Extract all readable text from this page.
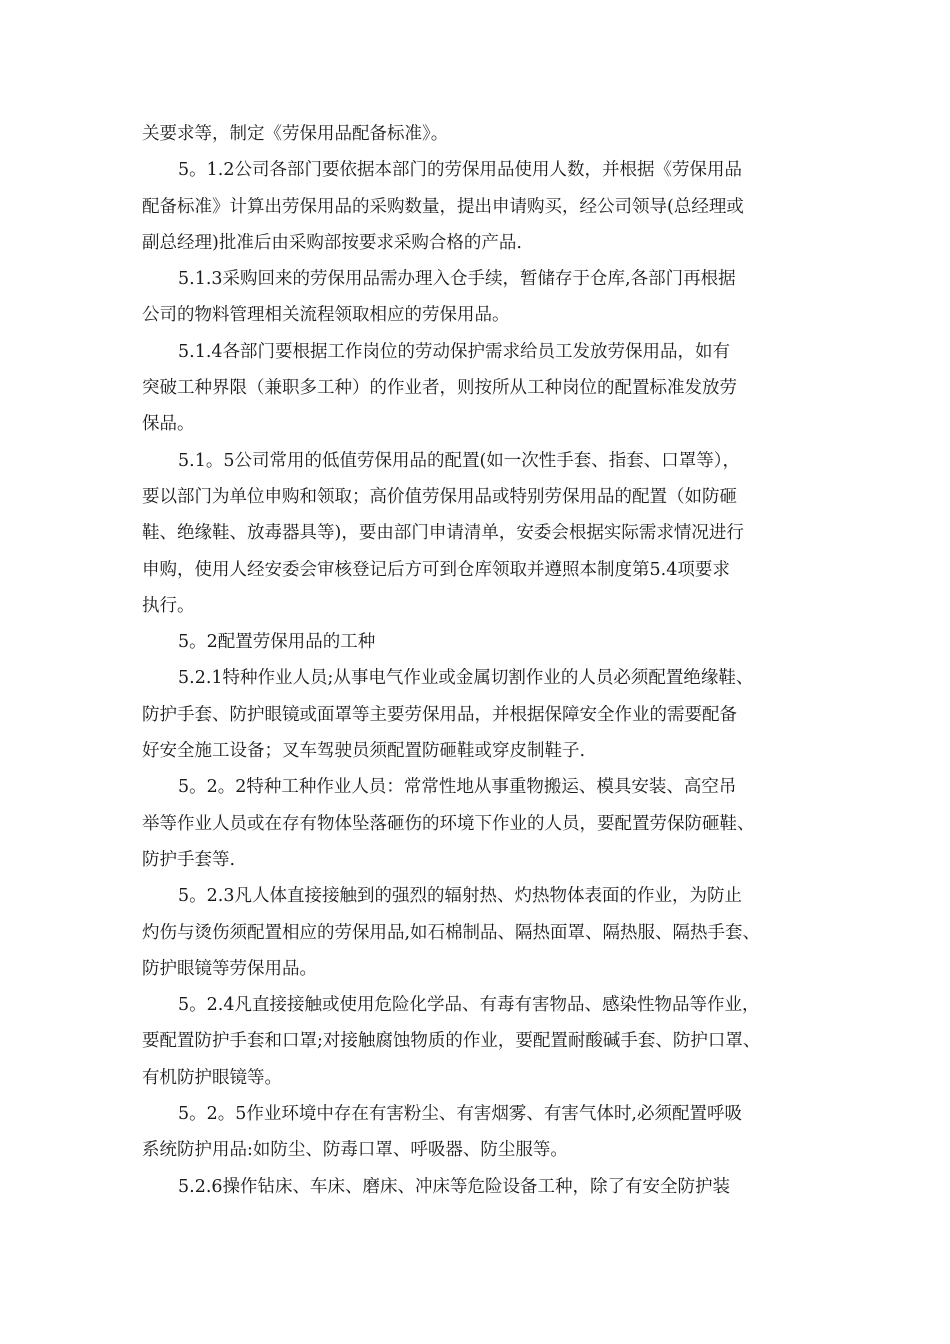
关要求等，制定《劳保用品配备标准》。
5。1.2公司各部门要依据本部门的劳保用品使用人数，并根据《劳保用品
配备标准》计算出劳保用品的采购数量，提出申请购买，经公司领导(总经理或
副总经理)批准后由采购部按要求采购合格的产品.
5.1.3采购回来的劳保用品需办理入仓手续，暂储存于仓库,各部门再根据
公司的物料管理相关流程领取相应的劳保用品。
5.1.4各部门要根据工作岗位的劳动保护需求给员工发放劳保用品，如有
突破工种界限（兼职多工种）的作业者，则按所从工种岗位的配置标准发放劳
保品。
5.1。5公司常用的低值劳保用品的配置(如一次性手套、指套、口罩等），
要以部门为单位申购和领取；高价值劳保用品或特别劳保用品的配置（如防砸
鞋、绝缘鞋、放毒器具等)，要由部门申请清单，安委会根据实际需求情况进行
申购，使用人经安委会审核登记后方可到仓库领取并遵照本制度第5.4项要求
执行。
5。2配置劳保用品的工种
5.2.1特种作业人员;从事电气作业或金属切割作业的人员必须配置绝缘鞋、
防护手套、防护眼镜或面罩等主要劳保用品，并根据保障安全作业的需要配备
好安全施工设备；叉车驾驶员须配置防砸鞋或穿皮制鞋子.
5。2。2特种工种作业人员：常常性地从事重物搬运、模具安装、高空吊
举等作业人员或在存有物体坠落砸伤的环境下作业的人员，要配置劳保防砸鞋、
防护手套等.
5。2.3凡人体直接接触到的强烈的辐射热、灼热物体表面的作业，为防止
灼伤与烫伤须配置相应的劳保用品,如石棉制品、隔热面罩、隔热服、隔热手套、
防护眼镜等劳保用品。
5。2.4凡直接接触或使用危险化学品、有毒有害物品、感染性物品等作业，
要配置防护手套和口罩;对接触腐蚀物质的作业，要配置耐酸碱手套、防护口罩、
有机防护眼镜等。
5。2。5作业环境中存在有害粉尘、有害烟雾、有害气体时,必须配置呼吸
系统防护用品:如防尘、防毒口罩、呼吸器、防尘服等。
5.2.6操作钻床、车床、磨床、冲床等危险设备工种，除了有安全防护装
